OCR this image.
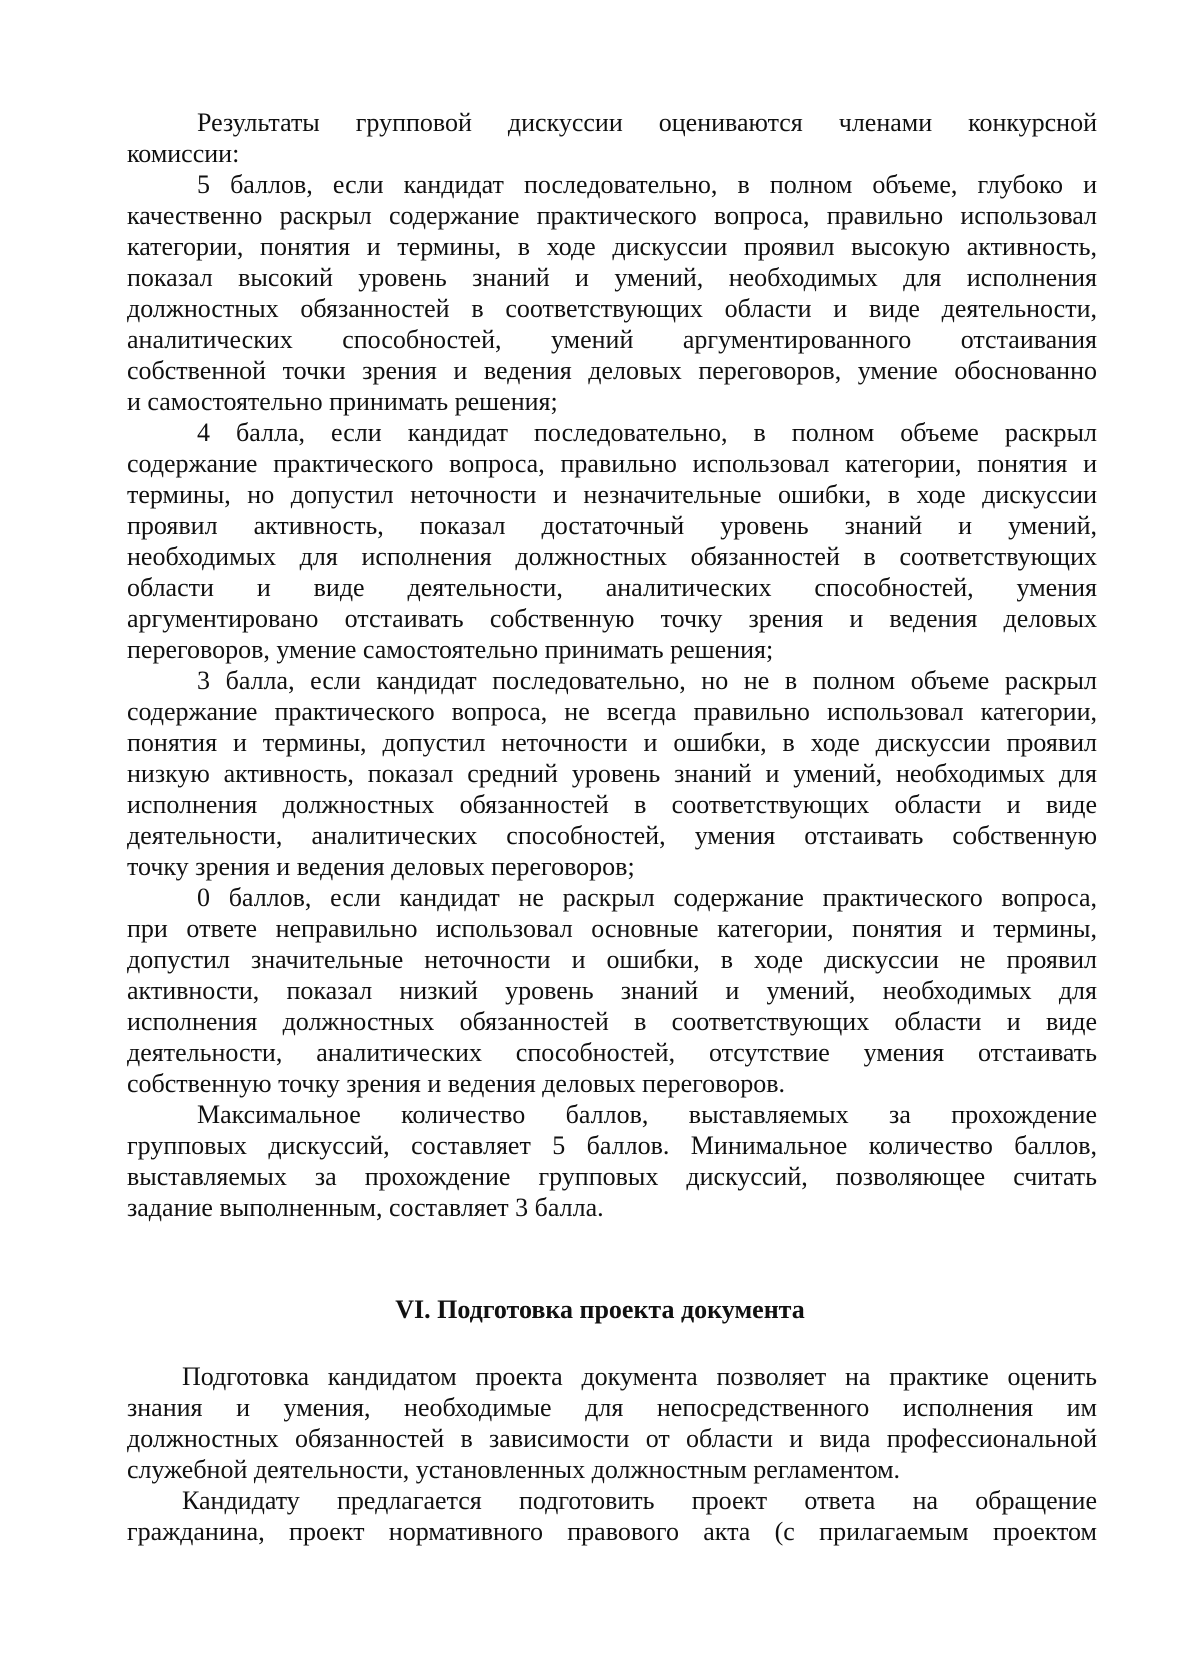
Результаты групповой дискуссии оцениваются членами конкурсной
комиссии:
5 баллов, если кандидат последовательно, в полном объеме, глубоко и
качественно раскрыл содержание практического вопроса, правильно использовал
категории, понятия и термины, в ходе дискуссии проявил высокую активность,
показал высокий уровень знаний и умений, необходимых для исполнения
должностных обязанностей в соответствующих области и виде деятельности,
аналитических способностей, умений аргументированного отстаивания
собственной точки зрения и ведения деловых переговоров, умение обоснованно
и самостоятельно принимать решения;
4 балла, если кандидат последовательно, в полном объеме раскрыл
содержание практического вопроса, правильно использовал категории, понятия и
термины, но допустил неточности и незначительные ошибки, в ходе дискуссии
проявил активность, показал достаточный уровень знаний и умений,
необходимых для исполнения должностных обязанностей в соответствующих
области и виде деятельности, аналитических способностей, умения
аргументировано отстаивать собственную точку зрения и ведения деловых
переговоров, умение самостоятельно принимать решения;
3 балла, если кандидат последовательно, но не в полном объеме раскрыл
содержание практического вопроса, не всегда правильно использовал категории,
понятия и термины, допустил неточности и ошибки, в ходе дискуссии проявил
низкую активность, показал средний уровень знаний и умений, необходимых для
исполнения должностных обязанностей в соответствующих области и виде
деятельности, аналитических способностей, умения отстаивать собственную
точку зрения и ведения деловых переговоров;
0 баллов, если кандидат не раскрыл содержание практического вопроса,
при ответе неправильно использовал основные категории, понятия и термины,
допустил значительные неточности и ошибки, в ходе дискуссии не проявил
активности, показал низкий уровень знаний и умений, необходимых для
исполнения должностных обязанностей в соответствующих области и виде
деятельности, аналитических способностей, отсутствие умения отстаивать
собственную точку зрения и ведения деловых переговоров.
Максимальное количество баллов, выставляемых за прохождение
групповых дискуссий, составляет 5 баллов. Минимальное количество баллов,
выставляемых за прохождение групповых дискуссий, позволяющее считать
задание выполненным, составляет 3 балла.
VI. Подготовка проекта документа
Подготовка кандидатом проекта документа позволяет на практике оценить
знания и умения, необходимые для непосредственного исполнения им
должностных обязанностей в зависимости от области и вида профессиональной
служебной деятельности, установленных должностным регламентом.
Кандидату предлагается подготовить проект ответа на обращение
гражданина, проект нормативного правового акта (с прилагаемым проектом
